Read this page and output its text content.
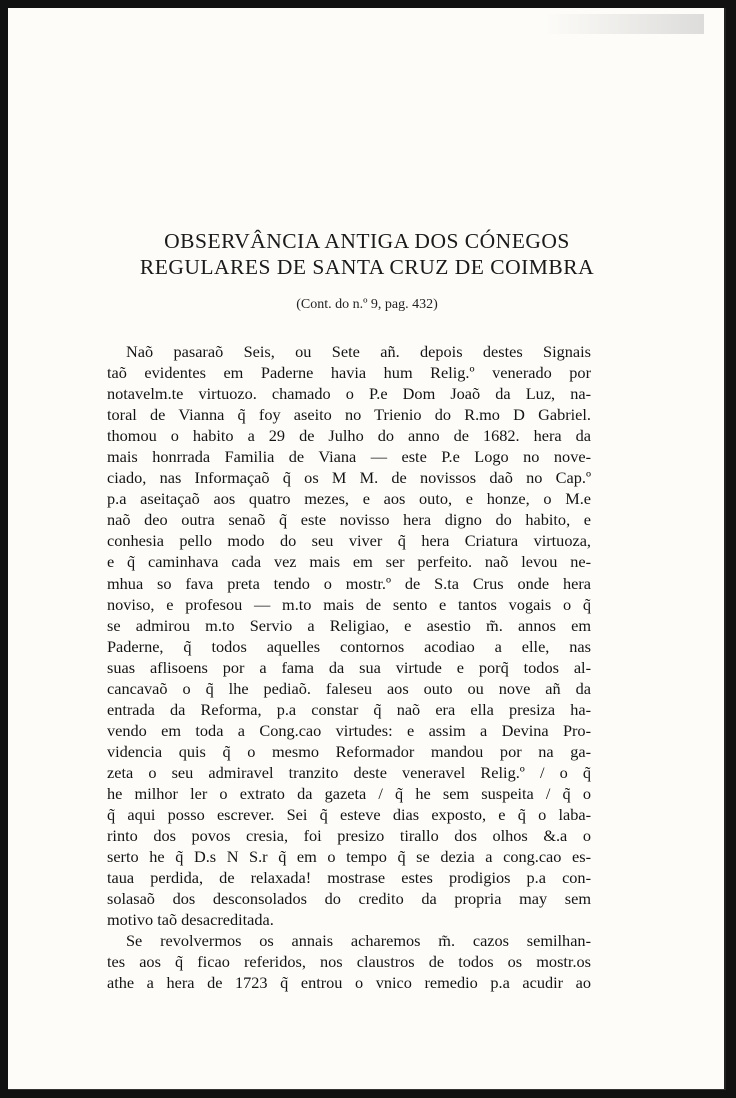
OBSERVÂNCIA ANTIGA DOS CÓNEGOS
REGULARES DE SANTA CRUZ DE COIMBRA
(Cont. do n.º 9, pag. 432)
Naõ pasaraõ Seis, ou Sete añ. depois destes Signais
taõ evidentes em Paderne havia hum Relig.º venerado por
notavelm.te virtuozo. chamado o P.e Dom Joaõ da Luz, na-
toral de Vianna q̃ foy aseito no Trienio do R.mo D Gabriel.
thomou o habito a 29 de Julho do anno de 1682. hera da
mais honrrada Familia de Viana — este P.e Logo no nove-
ciado, nas Informaçaõ q̃ os M M. de novissos daõ no Cap.º
p.a aseitaçaõ aos quatro mezes, e aos outo, e honze, o M.e
naõ deo outra senaõ q̃ este novisso hera digno do habito, e
conhesia pello modo do seu viver q̃ hera Criatura virtuoza,
e q̃ caminhava cada vez mais em ser perfeito. naõ levou ne-
mhua so fava preta tendo o mostr.º de S.ta Crus onde hera
noviso, e profesou — m.to mais de sento e tantos vogais o q̃
se admirou m.to Servio a Religiao, e asestio m̃. annos em
Paderne, q̃ todos aquelles contornos acodiao a elle, nas
suas aflisoens por a fama da sua virtude e porq̃ todos al-
cancavaõ o q̃ lhe pediaõ. faleseu aos outo ou nove añ da
entrada da Reforma, p.a constar q̃ naõ era ella presiza ha-
vendo em toda a Cong.cao virtudes: e assim a Devina Pro-
videncia quis q̃ o mesmo Reformador mandou por na ga-
zeta o seu admiravel tranzito deste veneravel Relig.º / o q̃
he milhor ler o extrato da gazeta / q̃ he sem suspeita / q̃ o
q̃ aqui posso escrever. Sei q̃ esteve dias exposto, e q̃ o laba-
rinto dos povos cresia, foi presizo tirallo dos olhos &.a o
serto he q̃ D.s N S.r q̃ em o tempo q̃ se dezia a cong.cao es-
taua perdida, de relaxada! mostrase estes prodigios p.a con-
solasaõ dos desconsolados do credito da propria may sem
motivo taõ desacreditada.
Se revolvermos os annais acharemos m̃. cazos semilhan-
tes aos q̃ ficao referidos, nos claustros de todos os mostr.os
athe a hera de 1723 q̃ entrou o vnico remedio p.a acudir ao
